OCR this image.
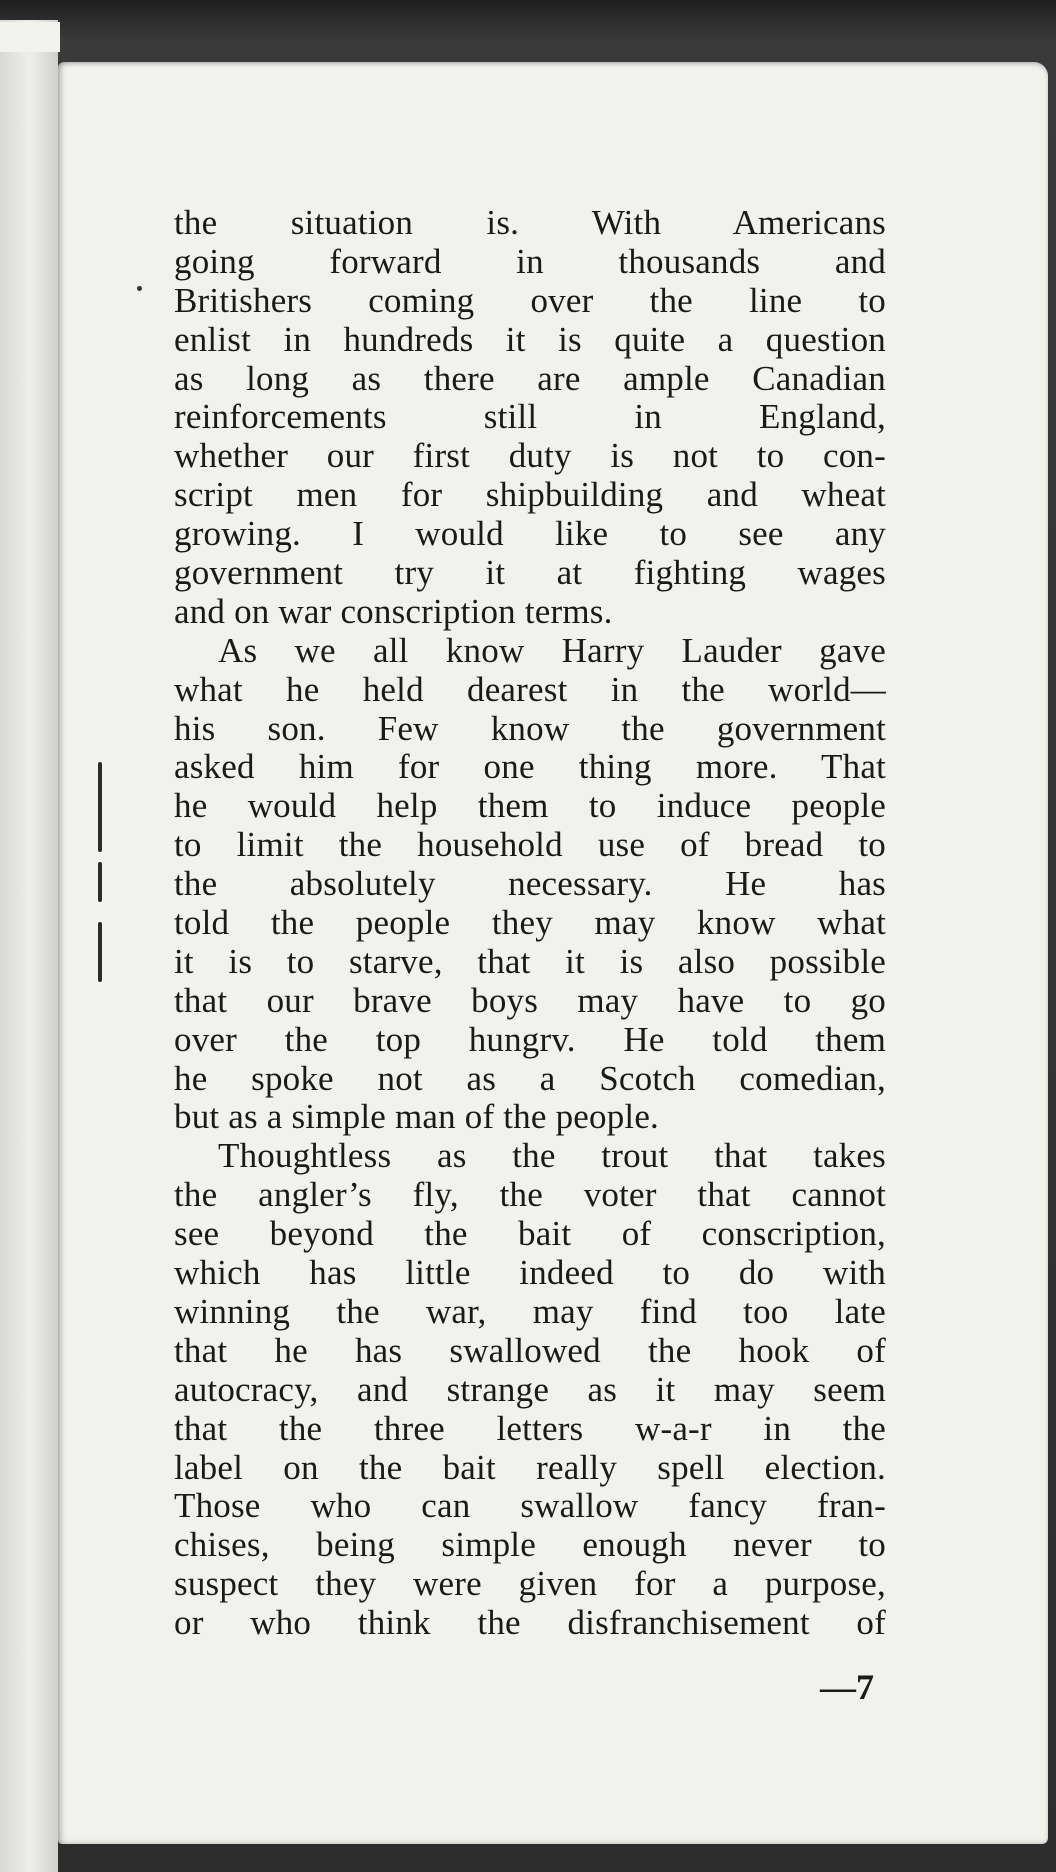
the situation is. With Americans
going forward in thousands and
Britishers coming over the line to
enlist in hundreds it is quite a question
as long as there are ample Canadian
reinforcements still in England,
whether our first duty is not to con-
script men for shipbuilding and wheat
growing. I would like to see any
government try it at fighting wages
and on war conscription terms.
As we all know Harry Lauder gave
what he held dearest in the world—
his son. Few know the government
asked him for one thing more. That
he would help them to induce people
to limit the household use of bread to
the absolutely necessary. He has
told the people they may know what
it is to starve, that it is also possible
that our brave boys may have to go
over the top hungrv. He told them
he spoke not as a Scotch comedian,
but as a simple man of the people.
Thoughtless as the trout that takes
the angler’s fly, the voter that cannot
see beyond the bait of conscription,
which has little indeed to do with
winning the war, may find too late
that he has swallowed the hook of
autocracy, and strange as it may seem
that the three letters w-a-r in the
label on the bait really spell election.
Those who can swallow fancy fran-
chises, being simple enough never to
suspect they were given for a purpose,
or who think the disfranchisement of
—7
